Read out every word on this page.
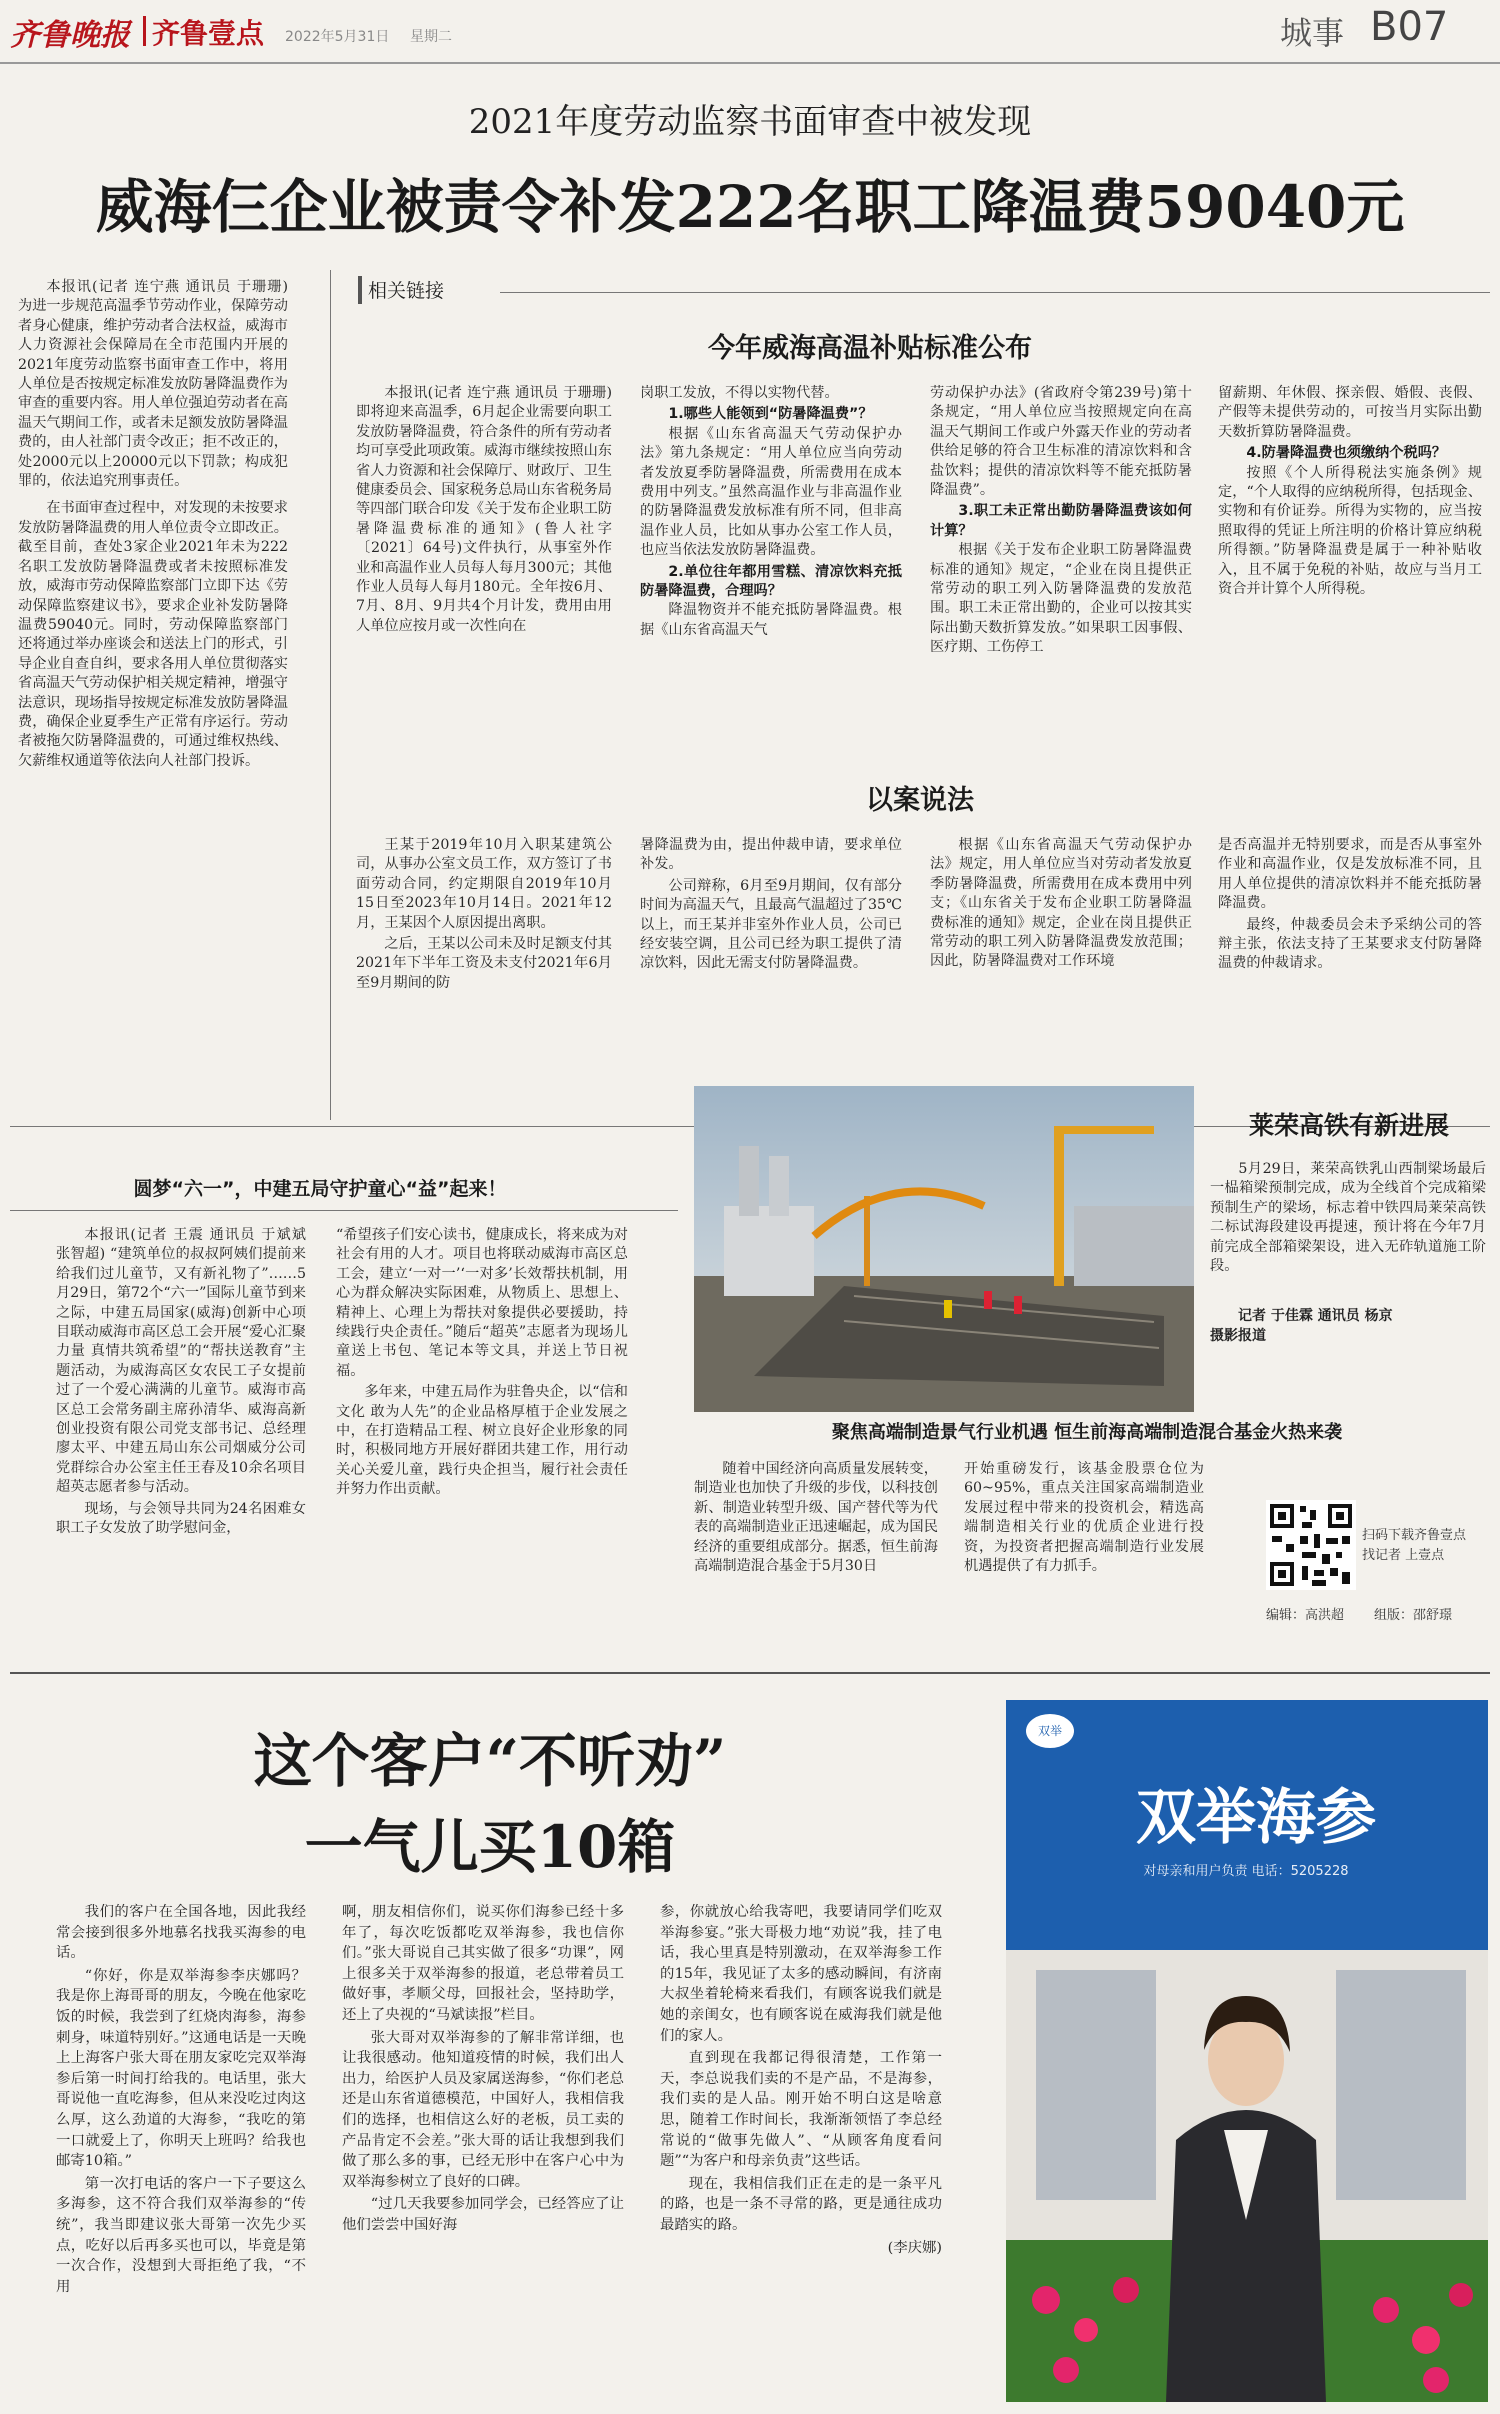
齐鲁晚报 齐鲁壹点	2022年5月31日	星期二	城事 B07
2021年度劳动监察书面审查中被发现
威海仨企业被责令补发222名职工降温费59040元

本报讯(记者 连宁燕 通讯员 于珊珊) 为进一步规范高温季节劳动作业，保障劳动者身心健康，维护劳动者合法权益，威海市人力资源社会保障局在全市范围内开展的2021年度劳动监察书面审查工作中，将用人单位是否按规定标准发放防暑降温费作为审查的重要内容。用人单位强迫劳动者在高温天气期间工作，或者未足额发放防暑降温费的，由人社部门责令改正；拒不改正的，处2000元以上20000元以下罚款；构成犯罪的，依法追究刑事责任。

在书面审查过程中，对发现的未按要求发放防暑降温费的用人单位责令立即改正。截至目前，查处3家企业2021年未为222名职工发放防暑降温费或者未按照标准发放，威海市劳动保障监察部门立即下达《劳动保障监察建议书》，要求企业补发防暑降温费59040元。同时，劳动保障监察部门还将通过举办座谈会和送法上门的形式，引导企业自查自纠，要求各用人单位贯彻落实省高温天气劳动保护相关规定精神，增强守法意识，现场指导按规定标准发放防暑降温费，确保企业夏季生产正常有序运行。劳动者被拖欠防暑降温费的，可通过维权热线、欠薪维权通道等依法向人社部门投诉。

相关链接
今年威海高温补贴标准公布

本报讯(记者 连宁燕 通讯员 于珊珊) 即将迎来高温季，6月起企业需要向职工发放防暑降温费，符合条件的所有劳动者均可享受此项政策。威海市继续按照山东省人力资源和社会保障厅、财政厅、卫生健康委员会、国家税务总局山东省税务局等四部门联合印发《关于发布企业职工防暑降温费标准的通知》(鲁人社字〔2021〕64号)文件执行，从事室外作业和高温作业人员每人每月300元；其他作业人员每人每月180元。全年按6月、7月、8月、9月共4个月计发，费用由用人单位应按月或一次性向在

岗职工发放，不得以实物代替。

1.哪些人能领到“防暑降温费”？

根据《山东省高温天气劳动保护办法》第九条规定：“用人单位应当向劳动者发放夏季防暑降温费，所需费用在成本费用中列支。”虽然高温作业与非高温作业的防暑降温费发放标准有所不同，但非高温作业人员，比如从事办公室工作人员，也应当依法发放防暑降温费。

2.单位往年都用雪糕、清凉饮料充抵防暑降温费，合理吗？

降温物资并不能充抵防暑降温费。根据《山东省高温天气

劳动保护办法》(省政府令第239号)第十条规定，“用人单位应当按照规定向在高温天气期间工作或户外露天作业的劳动者供给足够的符合卫生标准的清凉饮料和含盐饮料；提供的清凉饮料等不能充抵防暑降温费”。

3.职工未正常出勤防暑降温费该如何计算？

根据《关于发布企业职工防暑降温费标准的通知》规定，“企业在岗且提供正常劳动的职工列入防暑降温费的发放范围。职工未正常出勤的，企业可以按其实际出勤天数折算发放。”如果职工因事假、医疗期、工伤停工

留薪期、年休假、探亲假、婚假、丧假、产假等未提供劳动的，可按当月实际出勤天数折算防暑降温费。

4.防暑降温费也须缴纳个税吗？

按照《个人所得税法实施条例》规定，“个人取得的应纳税所得，包括现金、实物和有价证券。所得为实物的，应当按照取得的凭证上所注明的价格计算应纳税所得额。”防暑降温费是属于一种补贴收入，且不属于免税的补贴，故应与当月工资合并计算个人所得税。

以案说法

王某于2019年10月入职某建筑公司，从事办公室文员工作，双方签订了书面劳动合同，约定期限自2019年10月15日至2023年10月14日。2021年12月，王某因个人原因提出离职。

之后，王某以公司未及时足额支付其2021年下半年工资及未支付2021年6月至9月期间的防

暑降温费为由，提出仲裁申请，要求单位补发。

公司辩称，6月至9月期间，仅有部分时间为高温天气，且最高气温超过了35℃以上，而王某并非室外作业人员，公司已经安装空调，且公司已经为职工提供了清凉饮料，因此无需支付防暑降温费。

根据《山东省高温天气劳动保护办法》规定，用人单位应当对劳动者发放夏季防暑降温费，所需费用在成本费用中列支；《山东省关于发布企业职工防暑降温费标准的通知》规定，企业在岗且提供正常劳动的职工列入防暑降温费发放范围；因此，防暑降温费对工作环境

是否高温并无特别要求，而是否从事室外作业和高温作业，仅是发放标准不同，且用人单位提供的清凉饮料并不能充抵防暑降温费。

最终，仲裁委员会未予采纳公司的答辩主张，依法支持了王某要求支付防暑降温费的仲裁请求。

莱荣高铁有新进展

5月29日，莱荣高铁乳山西制梁场最后一榀箱梁预制完成，成为全线首个完成箱梁预制生产的梁场，标志着中铁四局莱荣高铁二标试海段建设再提速，预计将在今年7月前完成全部箱梁架设，进入无砟轨道施工阶段。

记者 于佳霖 通讯员 杨京
摄影报道
圆梦“六一”，中建五局守护童心“益”起来！

本报讯(记者 王震 通讯员 于斌斌 张智超) “建筑单位的叔叔阿姨们提前来给我们过儿童节，又有新礼物了”……5月29日，第72个“六一”国际儿童节到来之际，中建五局国家(威海)创新中心项目联动威海市高区总工会开展“爱心汇聚力量 真情共筑希望”的“帮扶送教育”主题活动，为威海高区女农民工子女提前过了一个爱心满满的儿童节。威海市高区总工会常务副主席孙清华、威海高新创业投资有限公司党支部书记、总经理廖太平、中建五局山东公司烟威分公司党群综合办公室主任王春及10余名项目超英志愿者参与活动。

现场，与会领导共同为24名困难女职工子女发放了助学慰问金，

“希望孩子们安心读书，健康成长，将来成为对社会有用的人才。项目也将联动威海市高区总工会，建立‘一对一’‘一对多’长效帮扶机制，用心为群众解决实际困难，从物质上、思想上、精神上、心理上为帮扶对象提供必要援助，持续践行央企责任。”随后“超英”志愿者为现场儿童送上书包、笔记本等文具，并送上节日祝福。

多年来，中建五局作为驻鲁央企，以“信和文化 敢为人先”的企业品格厚植于企业发展之中，在打造精品工程、树立良好企业形象的同时，积极同地方开展好群团共建工作，用行动关心关爱儿童，践行央企担当，履行社会责任并努力作出贡献。

聚焦高端制造景气行业机遇 恒生前海高端制造混合基金火热来袭

随着中国经济向高质量发展转变，制造业也加快了升级的步伐，以科技创新、制造业转型升级、国产替代等为代表的高端制造业正迅速崛起，成为国民经济的重要组成部分。据悉，恒生前海高端制造混合基金于5月30日

开始重磅发行，该基金股票仓位为60~95%，重点关注国家高端制造业发展过程中带来的投资机会，精选高端制造相关行业的优质企业进行投资，为投资者把握高端制造行业发展机遇提供了有力抓手。

扫码下载齐鲁壹点
找记者 上壹点
编辑：高洪超	组版：邵舒璟
这个客户“不听劝”
一气儿买10箱

我们的客户在全国各地，因此我经常会接到很多外地慕名找我买海参的电话。

“你好，你是双举海参李庆娜吗？我是你上海哥哥的朋友，今晚在他家吃饭的时候，我尝到了红烧肉海参，海参刺身，味道特别好。”这通电话是一天晚上上海客户张大哥在朋友家吃完双举海参后第一时间打给我的。电话里，张大哥说他一直吃海参，但从来没吃过肉这么厚，这么劲道的大海参，“我吃的第一口就爱上了，你明天上班吗？给我也邮寄10箱。”

第一次打电话的客户一下子要这么多海参，这不符合我们双举海参的“传统”，我当即建议张大哥第一次先少买点，吃好以后再多买也可以，毕竟是第一次合作，没想到大哥拒绝了我，“不用

啊，朋友相信你们，说买你们海参已经十多年了，每次吃饭都吃双举海参，我也信你们。”张大哥说自己其实做了很多“功课”，网上很多关于双举海参的报道，老总带着员工做好事，孝顺父母，回报社会，坚持助学，还上了央视的“马斌读报”栏目。

张大哥对双举海参的了解非常详细，也让我很感动。他知道疫情的时候，我们出人出力，给医护人员及家属送海参，“你们老总还是山东省道德模范，中国好人，我相信我们的选择，也相信这么好的老板，员工卖的产品肯定不会差。”张大哥的话让我想到我们做了那么多的事，已经无形中在客户心中为双举海参树立了良好的口碑。

“过几天我要参加同学会，已经答应了让他们尝尝中国好海

参，你就放心给我寄吧，我要请同学们吃双举海参宴。”张大哥极力地“劝说”我，挂了电话，我心里真是特别激动，在双举海参工作的15年，我见证了太多的感动瞬间，有济南大叔坐着轮椅来看我们，有顾客说我们就是她的亲闺女，也有顾客说在威海我们就是他们的家人。

直到现在我都记得很清楚，工作第一天，李总说我们卖的不是产品，不是海参，我们卖的是人品。刚开始不明白这是啥意思，随着工作时间长，我渐渐领悟了李总经常说的“做事先做人”、“从顾客角度看问题”“为客户和母亲负责”这些话。

现在，我相信我们正在走的是一条平凡的路，也是一条不寻常的路，更是通往成功最踏实的路。

(李庆娜)
双举
双举海参
对母亲和用户负责 电话：5205228
